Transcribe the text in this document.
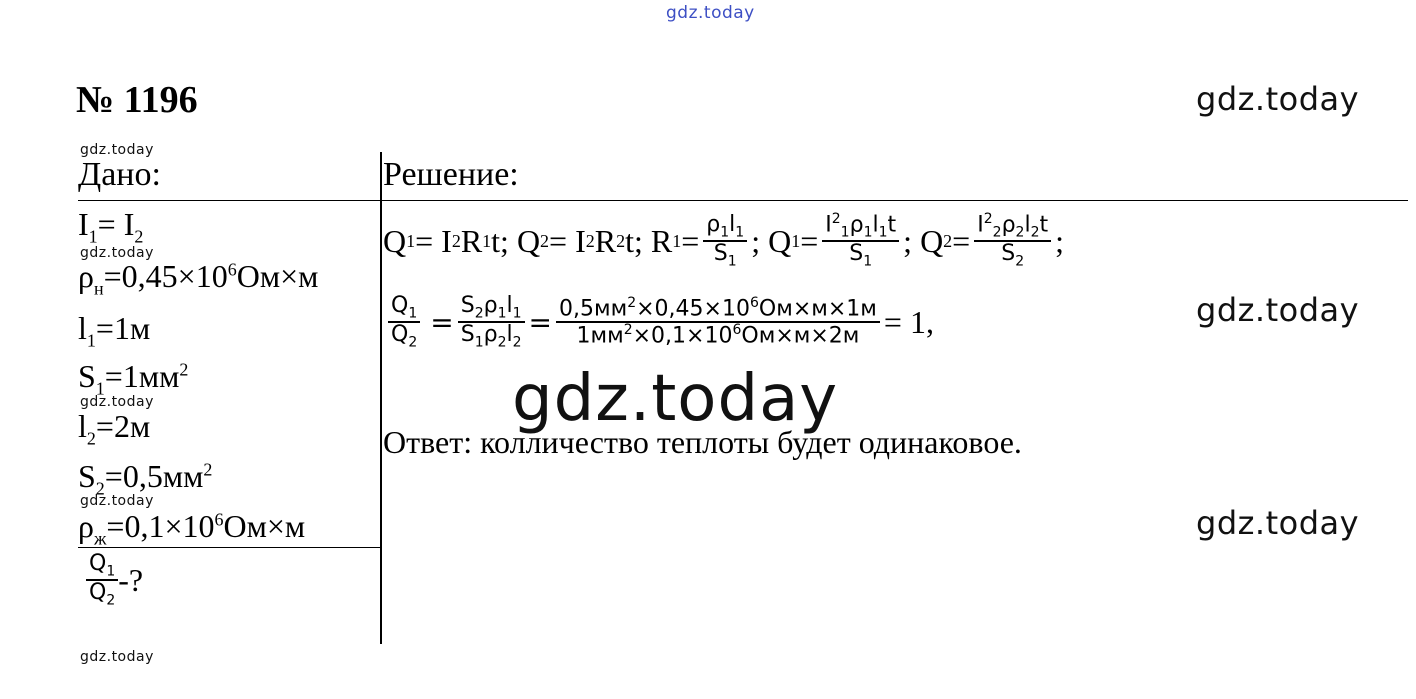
gdz.today
gdz.today
gdz.today
gdz.today
gdz.today
gdz.today
gdz.today
gdz.today
gdz.today
gdz.today
№ 1196
Дано:	Решение:
$I_1= I_2$
$\rho_н=0,45\times 10^6Ом\times м$
$l_1=1м$
$S_1=1мм^2$
$l_2=2м$
$S_2=0,5мм^2$
$\rho_ж=0,1\times 10^6Ом\times м$
$\frac{Q_1}{Q_2}$ -?
Q 1 = I 2 R 1 t; Q 2 = I 2 R 2 t; R $1 = \frac{\rho_1l_1}{S_1}$ ; Q $1 = \frac{I^2_1\rho_1l_1t}{S_1}$ ; Q $2 = \frac{I^2_2\rho_2l_2t}{S_2}$ ;
$\frac{Q_1}{Q_2} = \frac{S_2\rho_1l_1}{S_1\rho_2l_2} = \frac{0,5мм^2\times 0,45\times 10^6Ом\times м\times 1м}{1мм^2\times 0,1\times 10^6Ом\times м\times 2м} = 1$,
Ответ: колличество теплоты будет одинаковое.
